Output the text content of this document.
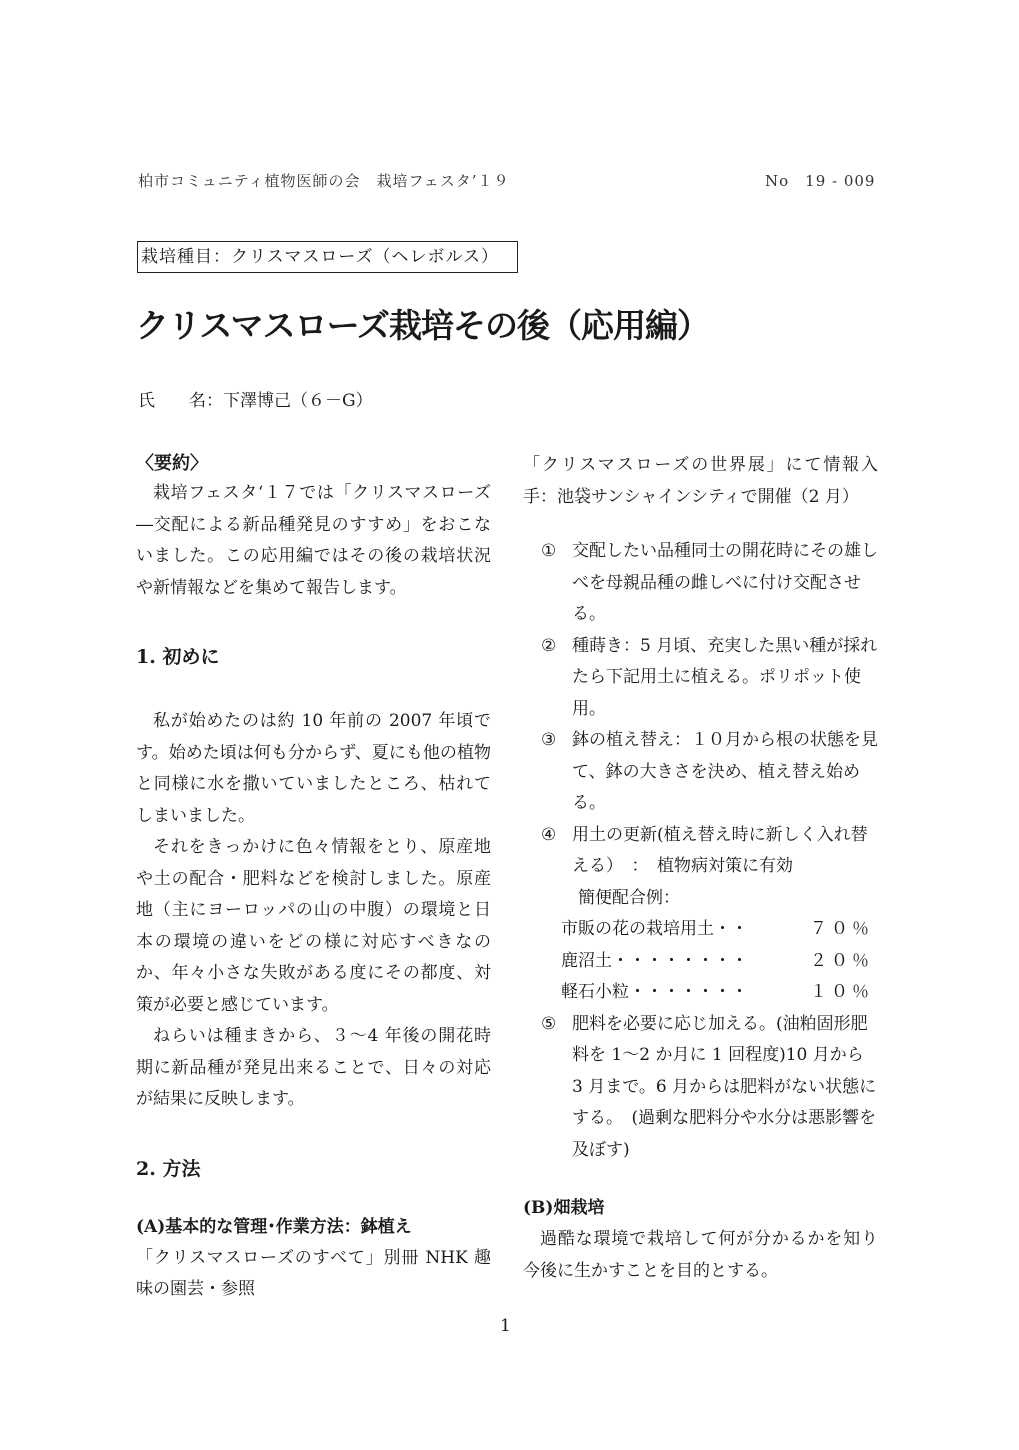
柏市コミュニティ植物医師の会　栽培フェスタ’１９	No　19 - 009
栽培種目：クリスマスローズ（ヘレボルス）
クリスマスローズ栽培その後（応用編）
氏　　名：下澤博己（６－G）

〈要約〉

栽培フェスタ‘１７では「クリスマスローズ―交配による新品種発見のすすめ」をおこないました。この応用編ではその後の栽培状況や新情報などを集めて報告します。

1. 初めに

私が始めたのは約 10 年前の 2007 年頃です。始めた頃は何も分からず、夏にも他の植物と同様に水を撒いていましたところ、枯れてしまいました。

それをきっかけに色々情報をとり、原産地や土の配合・肥料などを検討しました。原産地（主にヨーロッパの山の中腹）の環境と日本の環境の違いをどの様に対応すべきなのか、年々小さな失敗がある度にその都度、対策が必要と感じています。

ねらいは種まきから、３～4 年後の開花時期に新品種が発見出来ることで、日々の対応が結果に反映します。

2. 方法

(A)基本的な管理･作業方法：鉢植え

「クリスマスローズのすべて」別冊 NHK 趣味の園芸・参照

「クリスマスローズの世界展」にて情報入手：池袋サンシャインシティで開催（2 月）

① 交配したい品種同士の開花時にその雄しべを母親品種の雌しべに付け交配させる。
② 種蒔き：5 月頃、充実した黒い種が採れたら下記用土に植える。ポリポット使用。
③ 鉢の植え替え：１０月から根の状態を見て、鉢の大きさを決め、植え替え始める。
④ 用土の更新(植え替え時に新しく入れ替える）　：　植物病対策に有効
簡便配合例：
市販の花の栽培用土・・	７０％
鹿沼土・・・・・・・・	２０％
軽石小粒・・・・・・・	１０％
⑤ 肥料を必要に応じ加える。(油粕固形肥料を 1～2 か月に 1 回程度)10 月から 3 月まで。6 月からは肥料がない状態にする。　(過剰な肥料分や水分は悪影響を及ぼす)

(B)畑栽培

過酷な環境で栽培して何が分かるかを知り今後に生かすことを目的とする。

1
